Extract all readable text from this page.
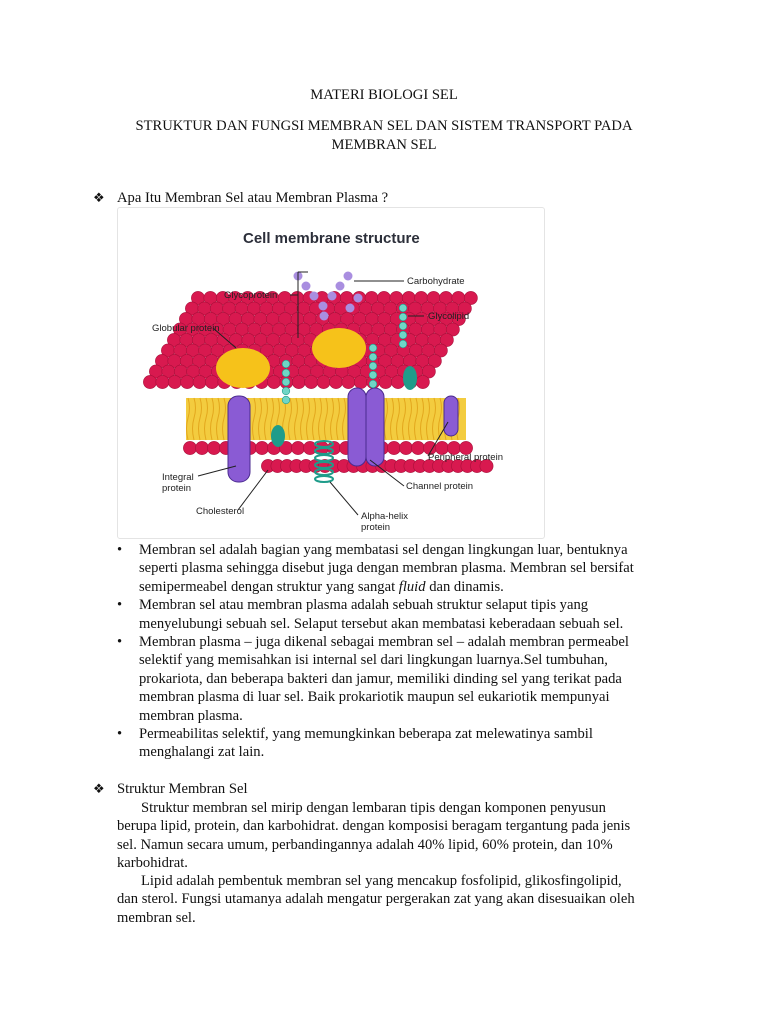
MATERI BIOLOGI SEL
STRUKTUR DAN FUNGSI MEMBRAN SEL DAN SISTEM TRANSPORT PADA
MEMBRAN SEL
❖ Apa Itu Membran Sel atau Membran Plasma ?
Cell membrane structure
Carbohydrate
Glycoprotein
Glycolipid
Globular protein
Peripheral protein
Integral
protein	Channel protein
Cholesterol	Alpha-helix
protein
• Membran sel adalah bagian yang membatasi sel dengan lingkungan luar, bentuknya
seperti plasma sehingga disebut juga dengan membran plasma. Membran sel bersifat
semipermeabel dengan struktur yang sangat fluid dan dinamis.
• Membran sel atau membran plasma adalah sebuah struktur selaput tipis yang
menyelubungi sebuah sel. Selaput tersebut akan membatasi keberadaan sebuah sel.
• Membran plasma – juga dikenal sebagai membran sel – adalah membran permeabel
selektif yang memisahkan isi internal sel dari lingkungan luarnya.Sel tumbuhan,
prokariota, dan beberapa bakteri dan jamur, memiliki dinding sel yang terikat pada
membran plasma di luar sel. Baik prokariotik maupun sel eukariotik mempunyai
membran plasma.
• Permeabilitas selektif, yang memungkinkan beberapa zat melewatinya sambil
menghalangi zat lain.
❖ Struktur Membran Sel

Struktur membran sel mirip dengan lembaran tipis dengan komponen penyusun
berupa lipid, protein, dan karbohidrat. dengan komposisi beragam tergantung pada jenis
sel. Namun secara umum, perbandingannya adalah 40% lipid, 60% protein, dan 10%
karbohidrat.

Lipid adalah pembentuk membran sel yang mencakup fosfolipid, glikosfingolipid,
dan sterol. Fungsi utamanya adalah mengatur pergerakan zat yang akan disesuaikan oleh
membran sel.
